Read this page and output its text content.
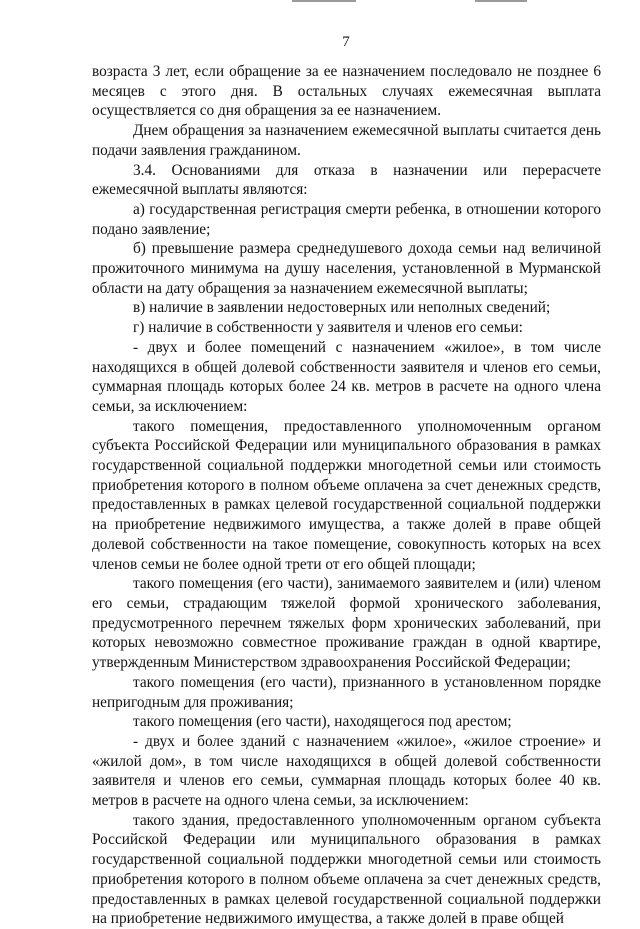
7

возраста 3 лет, если обращение за ее назначением последовало не позднее 6 месяцев с этого дня. В остальных случаях ежемесячная выплата осуществляется со дня обращения за ее назначением.

Днем обращения за назначением ежемесячной выплаты считается день подачи заявления гражданином.

3.4. Основаниями для отказа в назначении или перерасчете ежемесячной выплаты являются:

а) государственная регистрация смерти ребенка, в отношении которого подано заявление;

б) превышение размера среднедушевого дохода семьи над величиной прожиточного минимума на душу населения, установленной в Мурманской области на дату обращения за назначением ежемесячной выплаты;

в) наличие в заявлении недостоверных или неполных сведений;

г) наличие в собственности у заявителя и членов его семьи:

- двух и более помещений с назначением «жилое», в том числе находящихся в общей долевой собственности заявителя и членов его семьи, суммарная площадь которых более 24 кв. метров в расчете на одного члена семьи, за исключением:

такого помещения, предоставленного уполномоченным органом субъекта Российской Федерации или муниципального образования в рамках государственной социальной поддержки многодетной семьи или стоимость приобретения которого в полном объеме оплачена за счет денежных средств, предоставленных в рамках целевой государственной социальной поддержки на приобретение недвижимого имущества, а также долей в праве общей долевой собственности на такое помещение, совокупность которых на всех членов семьи не более одной трети от его общей площади;

такого помещения (его части), занимаемого заявителем и (или) членом его семьи, страдающим тяжелой формой хронического заболевания, предусмотренного перечнем тяжелых форм хронических заболеваний, при которых невозможно совместное проживание граждан в одной квартире, утвержденным Министерством здравоохранения Российской Федерации;

такого помещения (его части), признанного в установленном порядке непригодным для проживания;

такого помещения (его части), находящегося под арестом;

- двух и более зданий с назначением «жилое», «жилое строение» и «жилой дом», в том числе находящихся в общей долевой собственности заявителя и членов его семьи, суммарная площадь которых более 40 кв. метров в расчете на одного члена семьи, за исключением:

такого здания, предоставленного уполномоченным органом субъекта Российской Федерации или муниципального образования в рамках государственной социальной поддержки многодетной семьи или стоимость приобретения которого в полном объеме оплачена за счет денежных средств, предоставленных в рамках целевой государственной социальной поддержки на приобретение недвижимого имущества, а также долей в праве общей
